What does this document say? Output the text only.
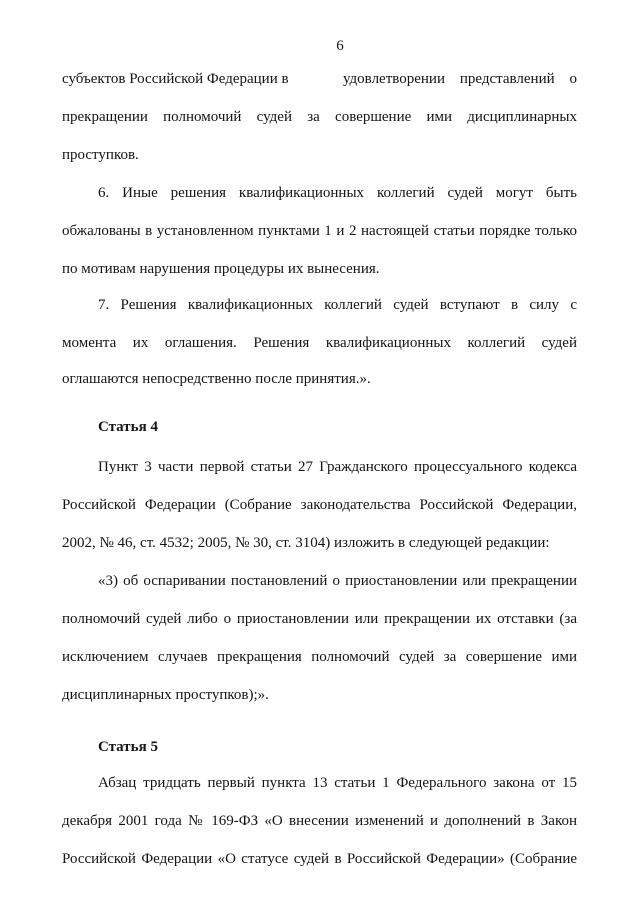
6
субъектов Российской Федерации в	удовлетворении представлений о
прекращении полномочий судей за совершение ими дисциплинарных
проступков.
6. Иные решения квалификационных коллегий судей могут быть
обжалованы в установленном пунктами 1 и 2 настоящей статьи порядке только
по мотивам нарушения процедуры их вынесения.
7. Решения квалификационных коллегий судей вступают в силу с
момента их оглашения. Решения квалификационных коллегий судей
оглашаются непосредственно после принятия.».
Статья 4
Пункт 3 части первой статьи 27 Гражданского процессуального кодекса
Российской Федерации (Собрание законодательства Российской Федерации,
2002, № 46, ст. 4532; 2005, № 30, ст. 3104) изложить в следующей редакции:
«3) об оспаривании постановлений о приостановлении или прекращении
полномочий судей либо о приостановлении или прекращении их отставки (за
исключением случаев прекращения полномочий судей за совершение ими
дисциплинарных проступков);».
Статья 5
Абзац тридцать первый пункта 13 статьи 1 Федерального закона от 15
декабря 2001 года № 169-ФЗ «О внесении изменений и дополнений в Закон
Российской Федерации «О статусе судей в Российской Федерации» (Собрание
